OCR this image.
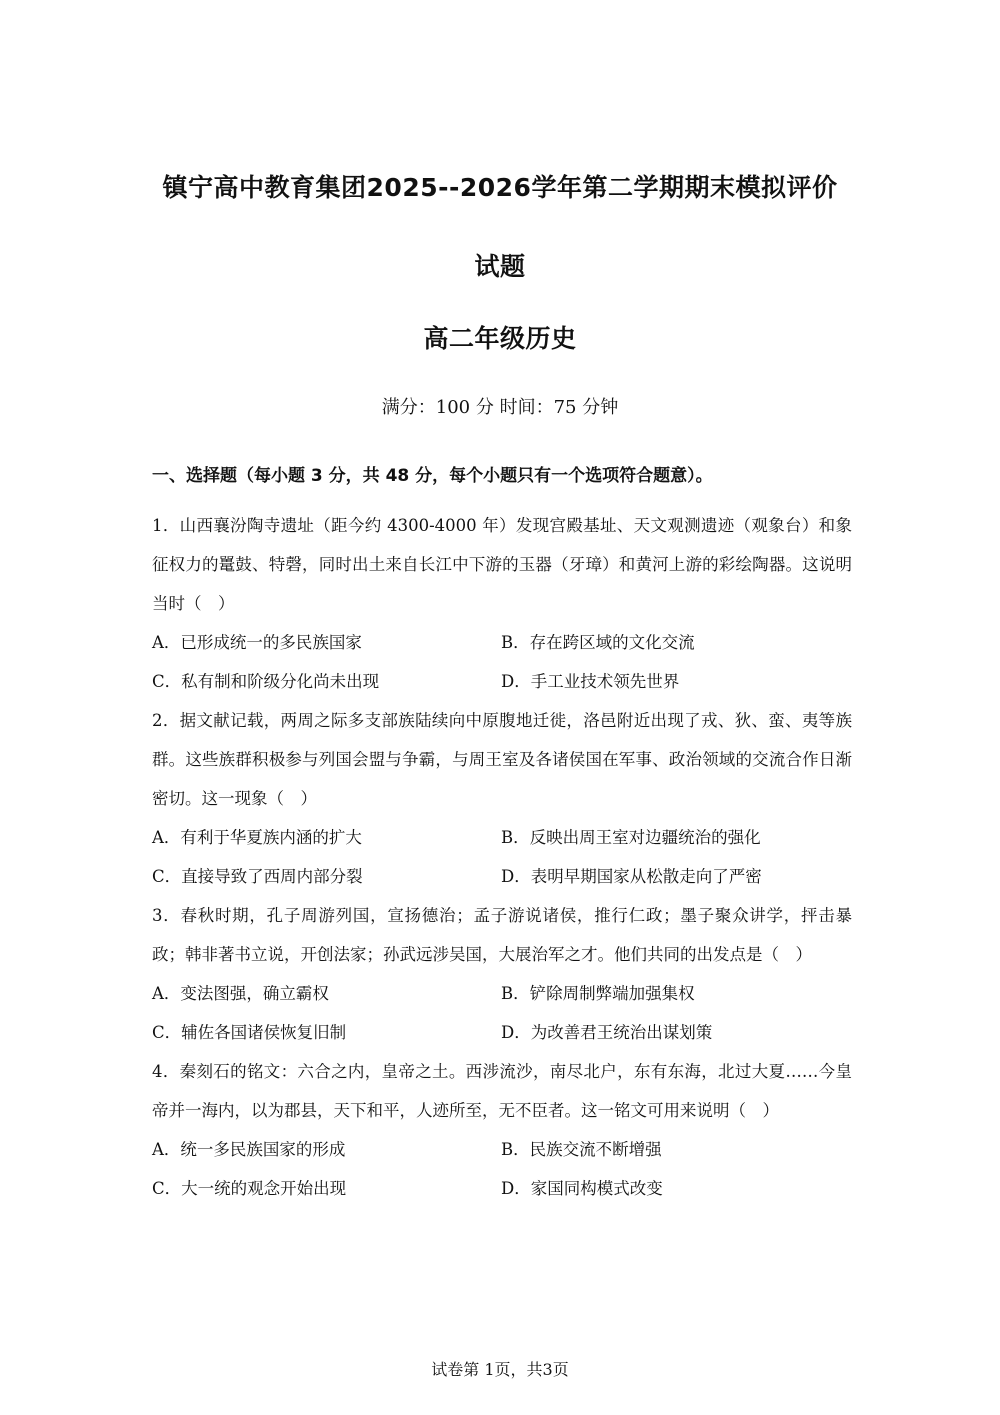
镇宁高中教育集团2025--2026学年第二学期期末模拟评价
试题
高二年级历史
满分：100 分 时间：75 分钟
一、选择题（每小题 3 分，共 48 分，每个小题只有一个选项符合题意）。
1．山西襄汾陶寺遗址（距今约 4300-4000 年）发现宫殿基址、天文观测遗迹（观象台）和象征权力的鼍鼓、特磬，同时出土来自长江中下游的玉器（牙璋）和黄河上游的彩绘陶器。这说明当时（　）
A．已形成统一的多民族国家	B．存在跨区域的文化交流
C．私有制和阶级分化尚未出现	D．手工业技术领先世界
2．据文献记载，两周之际多支部族陆续向中原腹地迁徙，洛邑附近出现了戎、狄、蛮、夷等族群。这些族群积极参与列国会盟与争霸，与周王室及各诸侯国在军事、政治领域的交流合作日渐密切。这一现象（　）
A．有利于华夏族内涵的扩大	B．反映出周王室对边疆统治的强化
C．直接导致了西周内部分裂	D．表明早期国家从松散走向了严密
3．春秋时期，孔子周游列国，宣扬德治；孟子游说诸侯，推行仁政；墨子聚众讲学，抨击暴政；韩非著书立说，开创法家；孙武远涉吴国，大展治军之才。他们共同的出发点是（　）
A．变法图强，确立霸权	B．铲除周制弊端加强集权
C．辅佐各国诸侯恢复旧制	D．为改善君王统治出谋划策
4．秦刻石的铭文：六合之内，皇帝之土。西涉流沙，南尽北户，东有东海，北过大夏……今皇帝并一海内，以为郡县，天下和平，人迹所至，无不臣者。这一铭文可用来说明（　）
A．统一多民族国家的形成	B．民族交流不断增强
C．大一统的观念开始出现	D．家国同构模式改变
试卷第 1页，共3页
